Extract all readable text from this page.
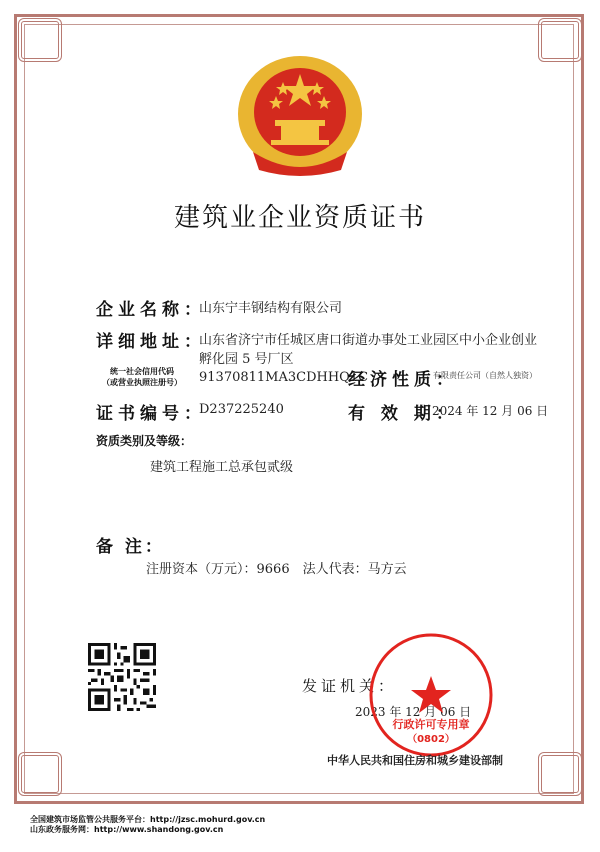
建筑业企业资质证书
企业名称：
山东宁丰钢结构有限公司
详细地址：
山东省济宁市任城区唐口街道办事处工业园区中小企业创业
孵化园 5 号厂区
统一社会信用代码
（或营业执照注册号）	91370811MA3CDHHQ1C
经济性质：
有限责任公司（自然人独资）
证书编号：
D237225240	有 效 期：
2024 年 12 月 06 日
资质类别及等级：
建筑工程施工总承包贰级
备 注：
注册资本（万元）：9666　法人代表：马方云
发证机关：
2023 年 12 月 06 日
行政许可专用章
（0802）
中华人民共和国住房和城乡建设部制
全国建筑市场监管公共服务平台：http://jzsc.mohurd.gov.cn
山东政务服务网：http://www.shandong.gov.cn
